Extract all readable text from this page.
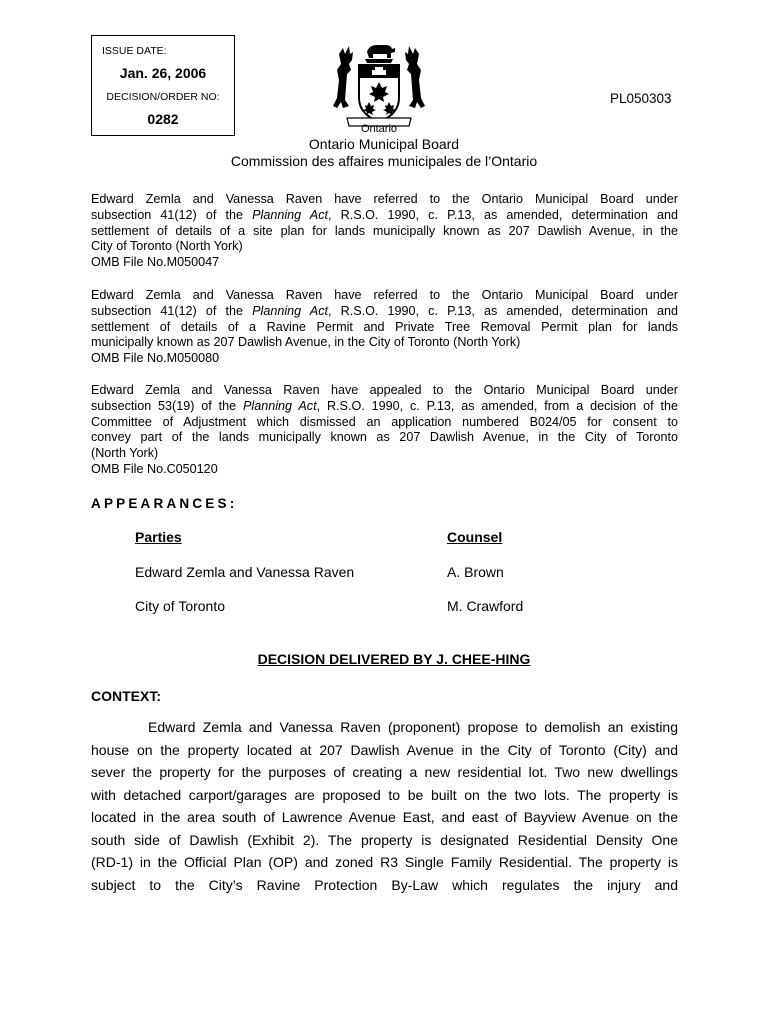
ISSUE DATE:
Jan. 26, 2006
DECISION/ORDER NO:
0282
Ontario
PL050303
Ontario Municipal Board
Commission des affaires municipales de l’Ontario
Edward Zemla and Vanessa Raven have referred to the Ontario Municipal Board under
subsection 41(12) of the Planning Act, R.S.O. 1990, c. P.13, as amended, determination and
settlement of details of a site plan for lands municipally known as 207 Dawlish Avenue, in the
City of Toronto (North York)
OMB File No.M050047
Edward Zemla and Vanessa Raven have referred to the Ontario Municipal Board under
subsection 41(12) of the Planning Act, R.S.O. 1990, c. P.13, as amended, determination and
settlement of details of a Ravine Permit and Private Tree Removal Permit plan for lands
municipally known as 207 Dawlish Avenue, in the City of Toronto (North York)
OMB File No.M050080
Edward Zemla and Vanessa Raven have appealed to the Ontario Municipal Board under
subsection 53(19) of the Planning Act, R.S.O. 1990, c. P.13, as amended, from a decision of the
Committee of Adjustment which dismissed an application numbered B024/05 for consent to
convey part of the lands municipally known as 207 Dawlish Avenue, in the City of Toronto
(North York)
OMB File No.C050120
APPEARANCES:
Parties	Counsel
Edward Zemla and Vanessa Raven	A. Brown
City of Toronto	M. Crawford
DECISION DELIVERED BY J. CHEE-HING
CONTEXT:
Edward Zemla and Vanessa Raven (proponent) propose to demolish an existing
house on the property located at 207 Dawlish Avenue in the City of Toronto (City) and
sever the property for the purposes of creating a new residential lot. Two new dwellings
with detached carport/garages are proposed to be built on the two lots. The property is
located in the area south of Lawrence Avenue East, and east of Bayview Avenue on the
south side of Dawlish (Exhibit 2). The property is designated Residential Density One
(RD-1) in the Official Plan (OP) and zoned R3 Single Family Residential. The property is
subject to the City’s Ravine Protection By-Law which regulates the injury and
